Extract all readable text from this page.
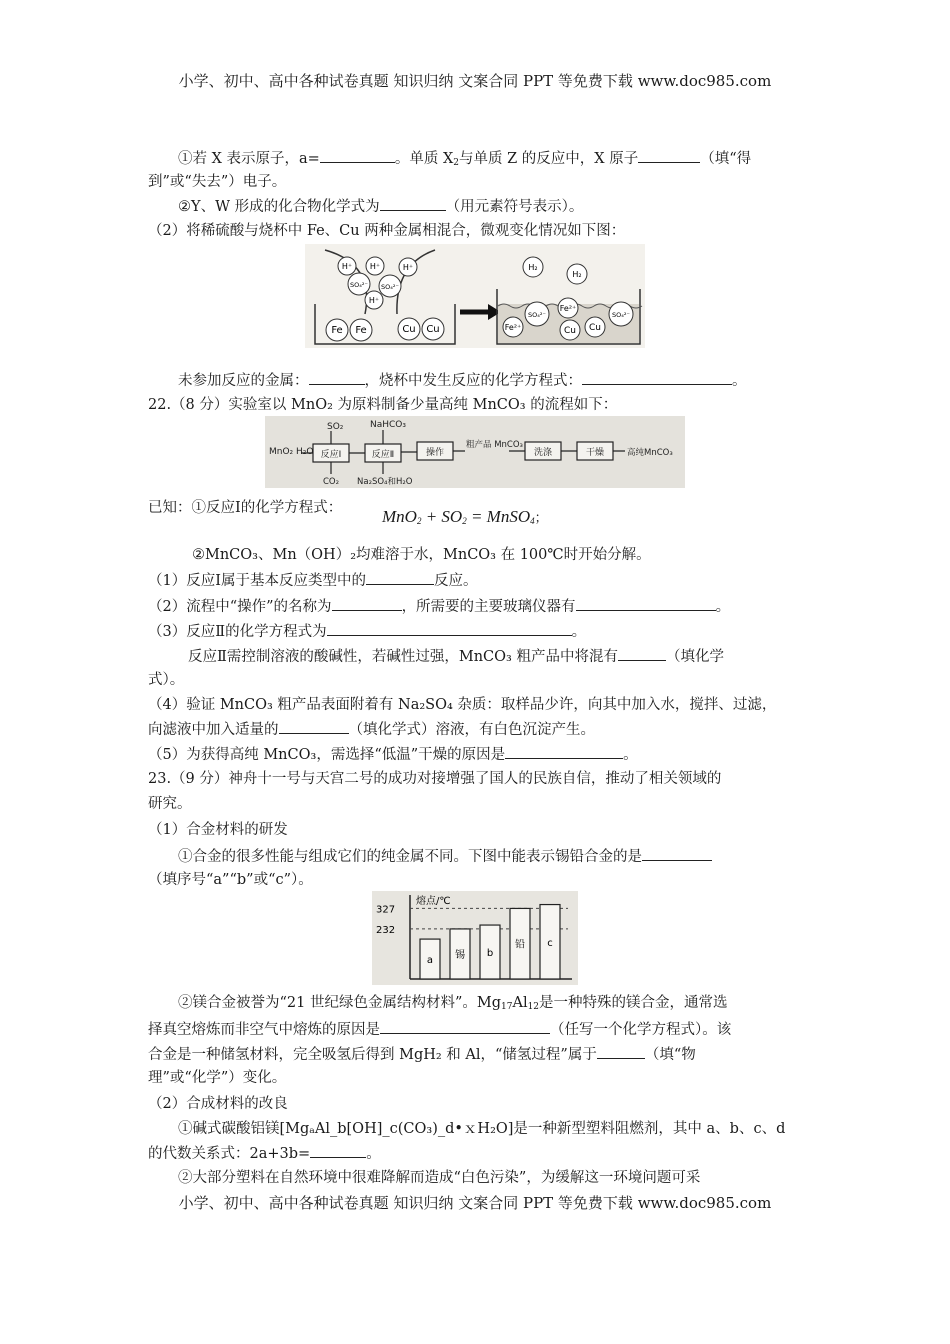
小学、初中、高中各种试卷真题 知识归纳 文案合同 PPT 等免费下载 www.doc985.com
①若 X 表示原子，a=	。单质 $X_2$与单质 Z 的反应中，X 原子	（填“得
到”或“失去”）电子。
②Y、W 形成的化合物化学式为	（用元素符号表示）。
（2）将稀硫酸与烧杯中 Fe、Cu 两种金属相混合，微观变化情况如下图：
H⁺ H⁺	H⁺
SO₄²⁻ SO₄²⁻
H⁺
Fe Fe	Cu Cu
H₂
H₂
SO₄²⁻
Fe²⁺
SO₄²⁻
Fe²⁺	Cu Cu
未参加反应的金属：	，烧杯中发生反应的化学方程式：	。
22.（8 分）实验室以 MnO₂ 为原料制备少量高纯 MnCO₃ 的流程如下：
MnO₂ H₂O
SO₂	NaHCO₃
反应Ⅰ	反应Ⅱ	操作	洗涤	干燥
粗产品 MnCO₃
高纯MnCO₃
CO₂ Na₂SO₄和H₂O
已知：①反应Ⅰ的化学方程式： $MnO_2 + SO_2$ = MnSO$_4$；
②MnCO₃、Mn（OH）₂均难溶于水，MnCO₃ 在 100℃时开始分解。
（1）反应Ⅰ属于基本反应类型中的	反应。
（2）流程中“操作”的名称为	，所需要的主要玻璃仪器有	。
（3）反应Ⅱ的化学方程式为	。
反应Ⅱ需控制溶液的酸碱性，若碱性过强，MnCO₃ 粗产品中将混有	（填化学
式）。
（4）验证 MnCO₃ 粗产品表面附着有 Na₂SO₄ 杂质：取样品少许，向其中加入水，搅拌、过滤，
向滤液中加入适量的	（填化学式）溶液，有白色沉淀产生。
（5）为获得高纯 MnCO₃，需选择“低温”干燥的原因是	。
23.（9 分）神舟十一号与天宫二号的成功对接增强了国人的民族自信，推动了相关领域的
研究。
（1）合金材料的研发
①合金的很多性能与组成它们的纯金属不同。下图中能表示锡铅合金的是
（填序号“a”“b”或“c”）。
熔点/℃
232
327
a 锡 b
铅 c
②镁合金被誉为“21 世纪绿色金属结构材料”。$Mg_{17}Al_{12}$是一种特殊的镁合金，通常选
择真空熔炼而非空气中熔炼的原因是	（任写一个化学方程式）。该
合金是一种储氢材料，完全吸氢后得到 MgH₂ 和 Al，“储氢过程”属于	（填“物
理”或“化学”）变化。
（2）合成材料的改良
①碱式碳酸铝镁[MgₐAl_b[OH]_c(CO₃)_d•ｘH₂O]是一种新型塑料阻燃剂，其中 a、b、c、d
的代数关系式：2a+3b=	。
②大部分塑料在自然环境中很难降解而造成“白色污染”，为缓解这一环境问题可采
小学、初中、高中各种试卷真题 知识归纳 文案合同 PPT 等免费下载 www.doc985.com
